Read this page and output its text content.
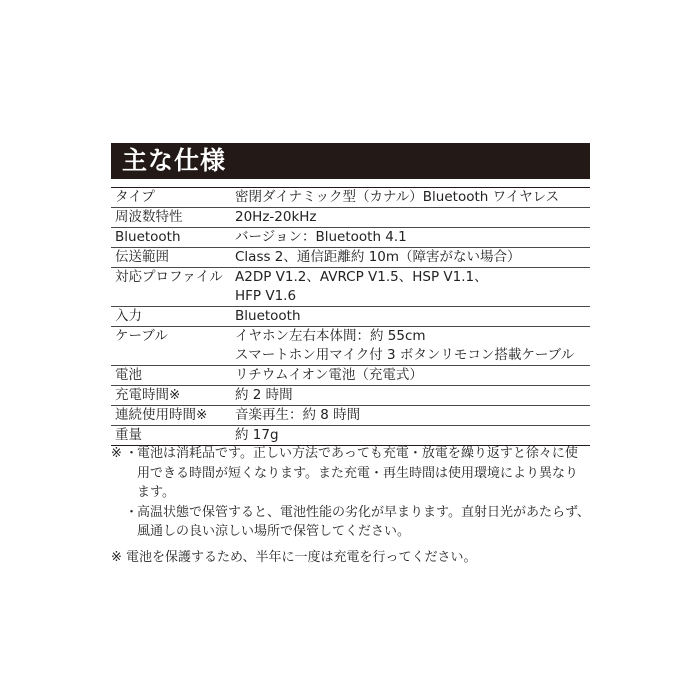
主な仕様
タイプ	密閉ダイナミック型（カナル）Bluetooth ワイヤレス

周波数特性	20Hz-20kHz

Bluetooth	バージョン：Bluetooth 4.1

伝送範囲	Class 2、通信距離約 10m（障害がない場合）

対応プロファイル	A2DP V1.2、AVRCP V1.5、HSP V1.1、
HFP V1.6

入力	Bluetooth

ケーブル	イヤホン左右本体間：約 55cm
スマートホン用マイク付 3 ボタンリモコン搭載ケーブル

電池	リチウムイオン電池（充電式）

充電時間※	約 2 時間

連続使用時間※	音楽再生：約 8 時間

重量	約 17g
※ ・
電池は消耗品です。正しい方法であっても充電・放電を繰り返すと徐々に使
用できる時間が短くなります。また充電・再生時間は使用環境により異なり
ます。
・
高温状態で保管すると、電池性能の劣化が早まります。直射日光があたらず、
風通しの良い涼しい場所で保管してください。
※ 電池を保護するため、半年に一度は充電を行ってください。
